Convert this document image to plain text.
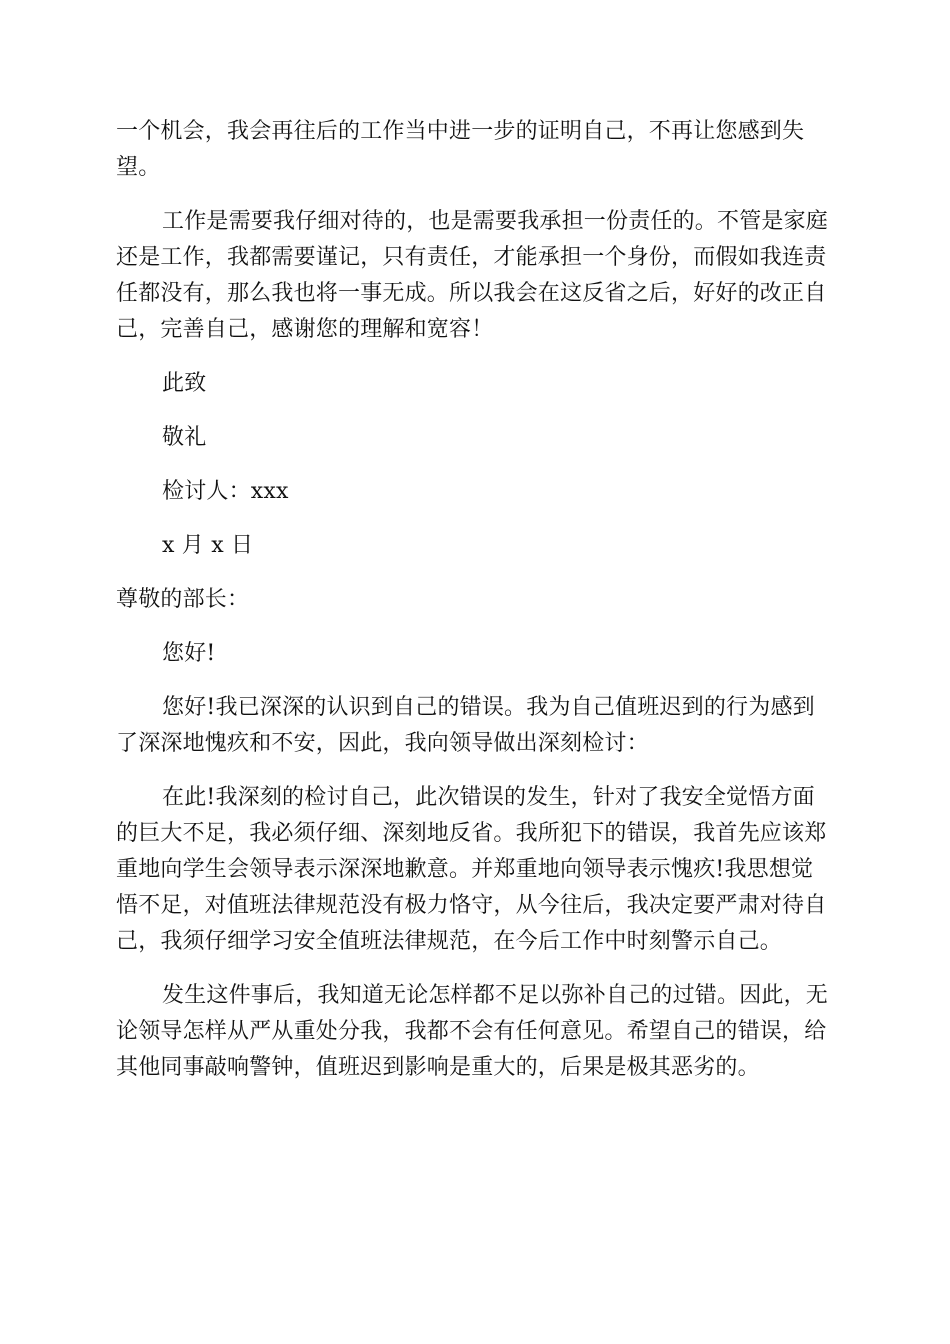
一个机会，我会再往后的工作当中进一步的证明自己，不再让您感到失
望。
工作是需要我仔细对待的，也是需要我承担一份责任的。不管是家庭
还是工作，我都需要谨记，只有责任，才能承担一个身份，而假如我连责
任都没有，那么我也将一事无成。所以我会在这反省之后，好好的改正自
己，完善自己，感谢您的理解和宽容！
此致
敬礼
检讨人：xxx
x 月 x 日
尊敬的部长：
您好!
您好!我已深深的认识到自己的错误。我为自己值班迟到的行为感到
了深深地愧疚和不安，因此，我向领导做出深刻检讨：
在此!我深刻的检讨自己，此次错误的发生，针对了我安全觉悟方面
的巨大不足，我必须仔细、深刻地反省。我所犯下的错误，我首先应该郑
重地向学生会领导表示深深地歉意。并郑重地向领导表示愧疚!我思想觉
悟不足，对值班法律规范没有极力恪守，从今往后，我决定要严肃对待自
己，我须仔细学习安全值班法律规范，在今后工作中时刻警示自己。
发生这件事后，我知道无论怎样都不足以弥补自己的过错。因此，无
论领导怎样从严从重处分我，我都不会有任何意见。希望自己的错误，给
其他同事敲响警钟，值班迟到影响是重大的，后果是极其恶劣的。
